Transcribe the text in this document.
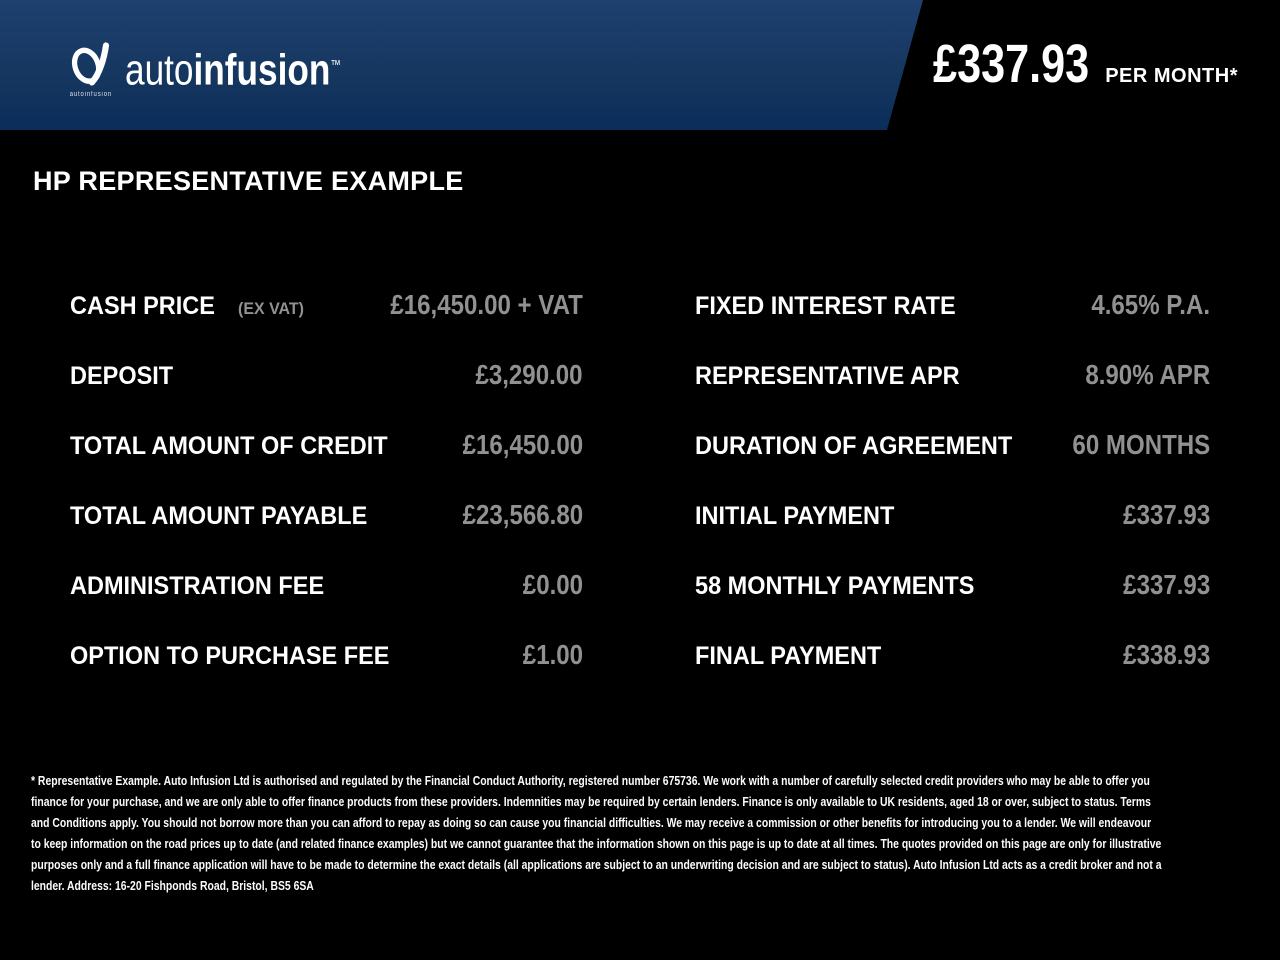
autoinfusion autoinfusion™	£337.93 PER MONTH*
HP REPRESENTATIVE EXAMPLE
CASH PRICE (EX VAT)	£16,450.00 + VAT	FIXED INTEREST RATE	4.65% P.A.
DEPOSIT	£3,290.00	REPRESENTATIVE APR	8.90% APR
TOTAL AMOUNT OF CREDIT	£16,450.00	DURATION OF AGREEMENT 60 MONTHS
TOTAL AMOUNT PAYABLE	£23,566.80	INITIAL PAYMENT	£337.93
ADMINISTRATION FEE	£0.00	58 MONTHLY PAYMENTS	£337.93
OPTION TO PURCHASE FEE	£1.00	FINAL PAYMENT	£338.93
* Representative Example. Auto Infusion Ltd is authorised and regulated by the Financial Conduct Authority, registered number 675736. We work with a number of carefully selected credit providers who may be able to offer you finance for your purchase, and we are only able to offer finance products from these providers. Indemnities may be required by certain lenders. Finance is only available to UK residents, aged 18 or over, subject to status. Terms and Conditions apply. You should not borrow more than you can afford to repay as doing so can cause you financial difficulties. We may receive a commission or other benefits for introducing you to a lender. We will endeavour to keep information on the road prices up to date (and related finance examples) but we cannot guarantee that the information shown on this page is up to date at all times. The quotes provided on this page are only for illustrative purposes only and a full finance application will have to be made to determine the exact details (all applications are subject to an underwriting decision and are subject to status). Auto Infusion Ltd acts as a credit broker and not a lender. Address: 16-20 Fishponds Road, Bristol, BS5 6SA
